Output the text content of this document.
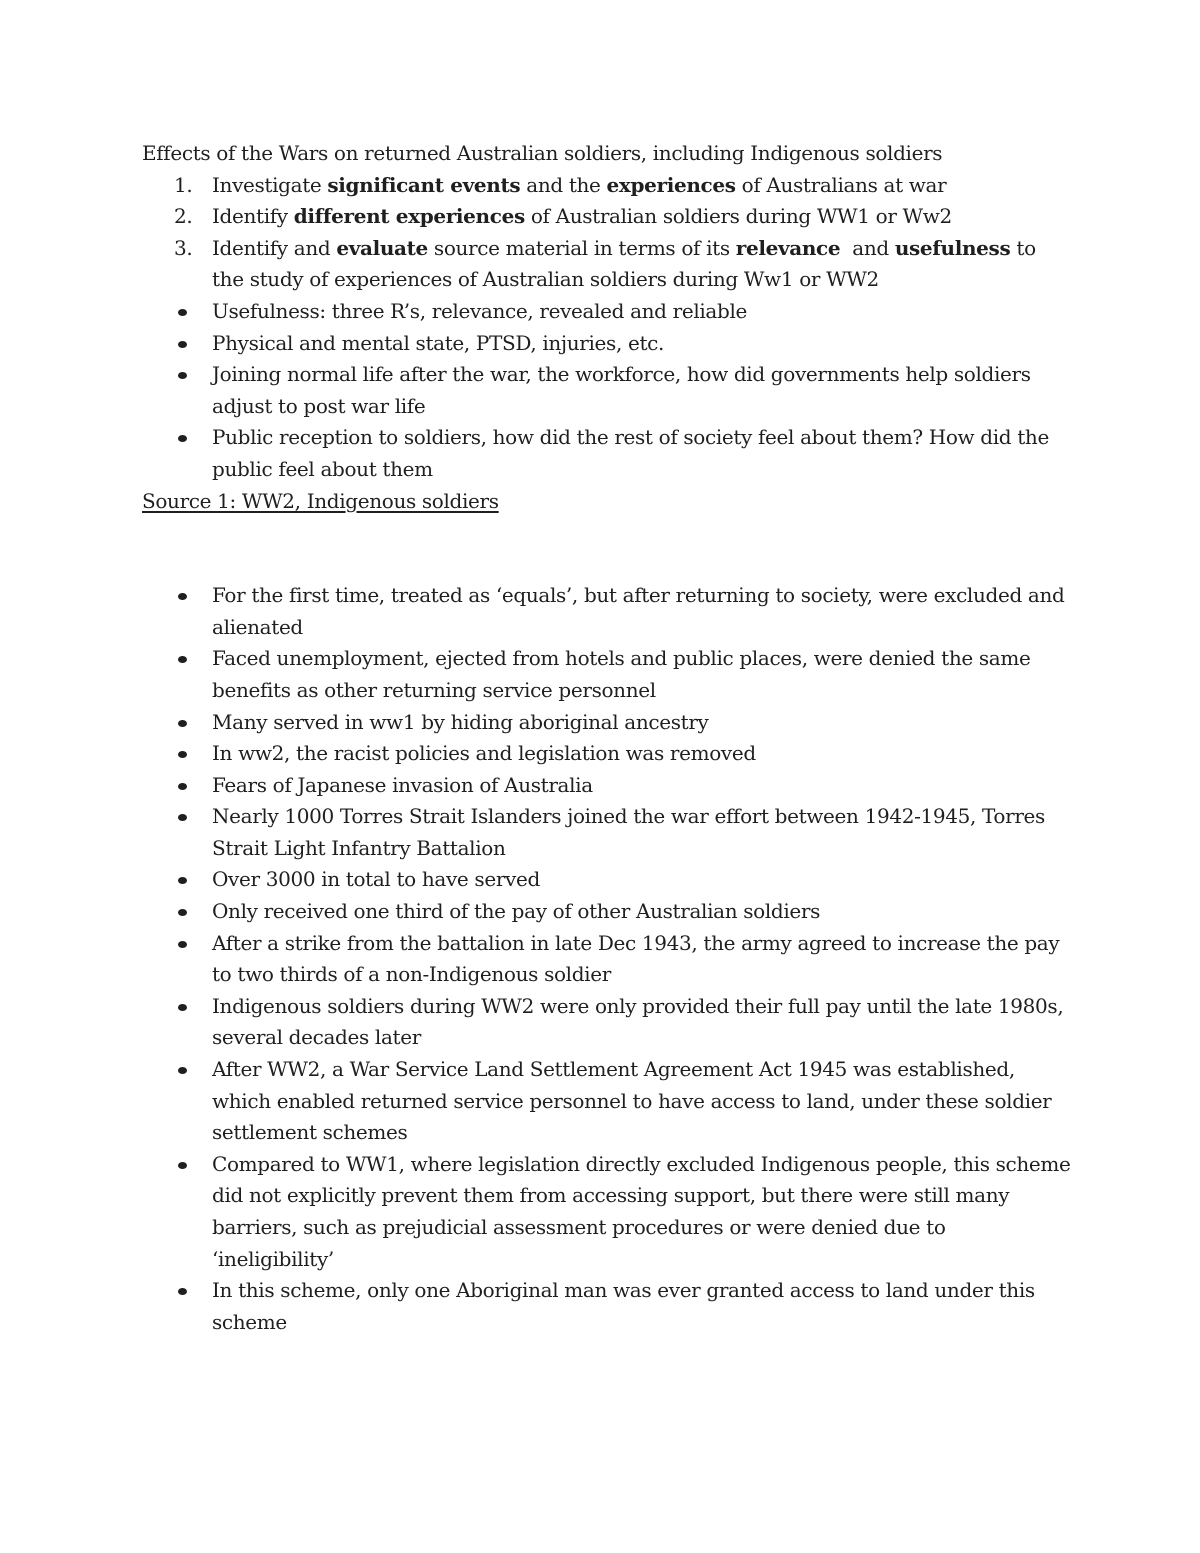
Effects of the Wars on returned Australian soldiers, including Indigenous soldiers

1. Investigate significant events and the experiences of Australians at war
2. Identify different experiences of Australian soldiers during WW1 or Ww2
3. Identify and evaluate source material in terms of its relevance  and usefulness to the study of experiences of Australian soldiers during Ww1 or WW2
Usefulness: three R’s, relevance, revealed and reliable
Physical and mental state, PTSD, injuries, etc.
Joining normal life after the war, the workforce, how did governments help soldiers adjust to post war life
Public reception to soldiers, how did the rest of society feel about them? How did the public feel about them

Source 1: WW2, Indigenous soldiers

For the first time, treated as ‘equals’, but after returning to society, were excluded and alienated
Faced unemployment, ejected from hotels and public places, were denied the same benefits as other returning service personnel
Many served in ww1 by hiding aboriginal ancestry
In ww2, the racist policies and legislation was removed
Fears of Japanese invasion of Australia
Nearly 1000 Torres Strait Islanders joined the war effort between 1942-1945, Torres Strait Light Infantry Battalion
Over 3000 in total to have served
Only received one third of the pay of other Australian soldiers
After a strike from the battalion in late Dec 1943, the army agreed to increase the pay to two thirds of a non-Indigenous soldier
Indigenous soldiers during WW2 were only provided their full pay until the late 1980s, several decades later
After WW2, a War Service Land Settlement Agreement Act 1945 was established, which enabled returned service personnel to have access to land, under these soldier settlement schemes
Compared to WW1, where legislation directly excluded Indigenous people, this scheme did not explicitly prevent them from accessing support, but there were still many barriers, such as prejudicial assessment procedures or were denied due to ‘ineligibility’
In this scheme, only one Aboriginal man was ever granted access to land under this scheme
